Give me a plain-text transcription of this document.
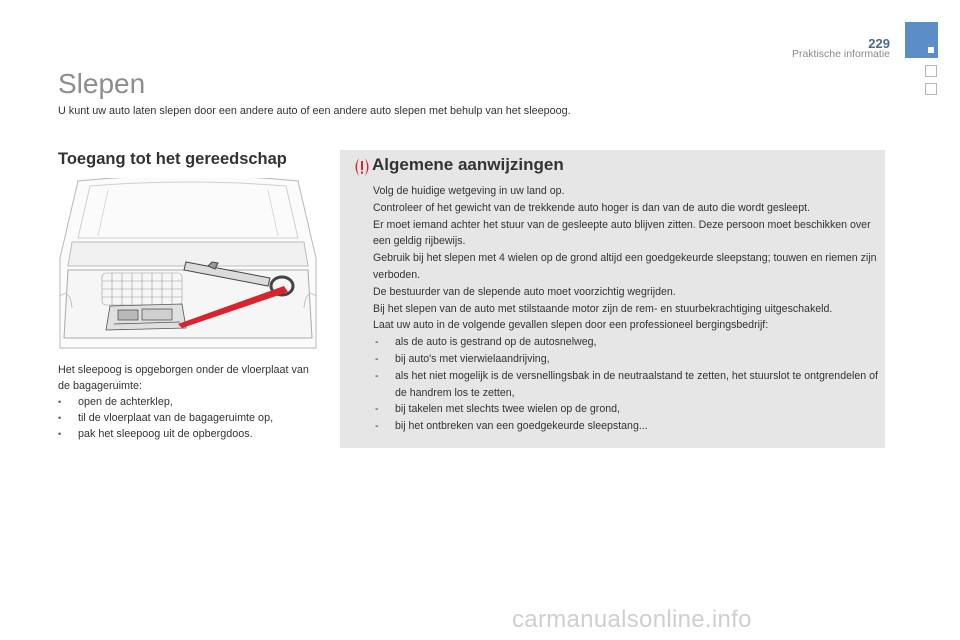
229
Praktische informatie
Slepen
U kunt uw auto laten slepen door een andere auto of een andere auto slepen met behulp van het sleepoog.
Toegang tot het gereedschap
Het sleepoog is opgeborgen onder de vloerplaat van de bagageruimte:
• open de achterklep,
• til de vloerplaat van de bagageruimte op,
• pak het sleepoog uit de opbergdoos.
Algemene aanwijzingen

Volg de huidige wetgeving in uw land op.

Controleer of het gewicht van de trekkende auto hoger is dan van de auto die wordt gesleept.

Er moet iemand achter het stuur van de gesleepte auto blijven zitten. Deze persoon moet beschikken over een geldig rijbewijs.

Gebruik bij het slepen met 4 wielen op de grond altijd een goedgekeurde sleepstang; touwen en riemen zijn verboden.

De bestuurder van de slepende auto moet voorzichtig wegrijden.

Bij het slepen van de auto met stilstaande motor zijn de rem- en stuurbekrachtiging uitgeschakeld.

Laat uw auto in de volgende gevallen slepen door een professioneel bergingsbedrijf:

- als de auto is gestrand op de autosnelweg,
- bij auto's met vierwielaandrijving,
- als het niet mogelijk is de versnellingsbak in de neutraalstand te zetten, het stuurslot te ontgrendelen of de handrem los te zetten,
- bij takelen met slechts twee wielen op de grond,
- bij het ontbreken van een goedgekeurde sleepstang...
carmanualsonline.info
